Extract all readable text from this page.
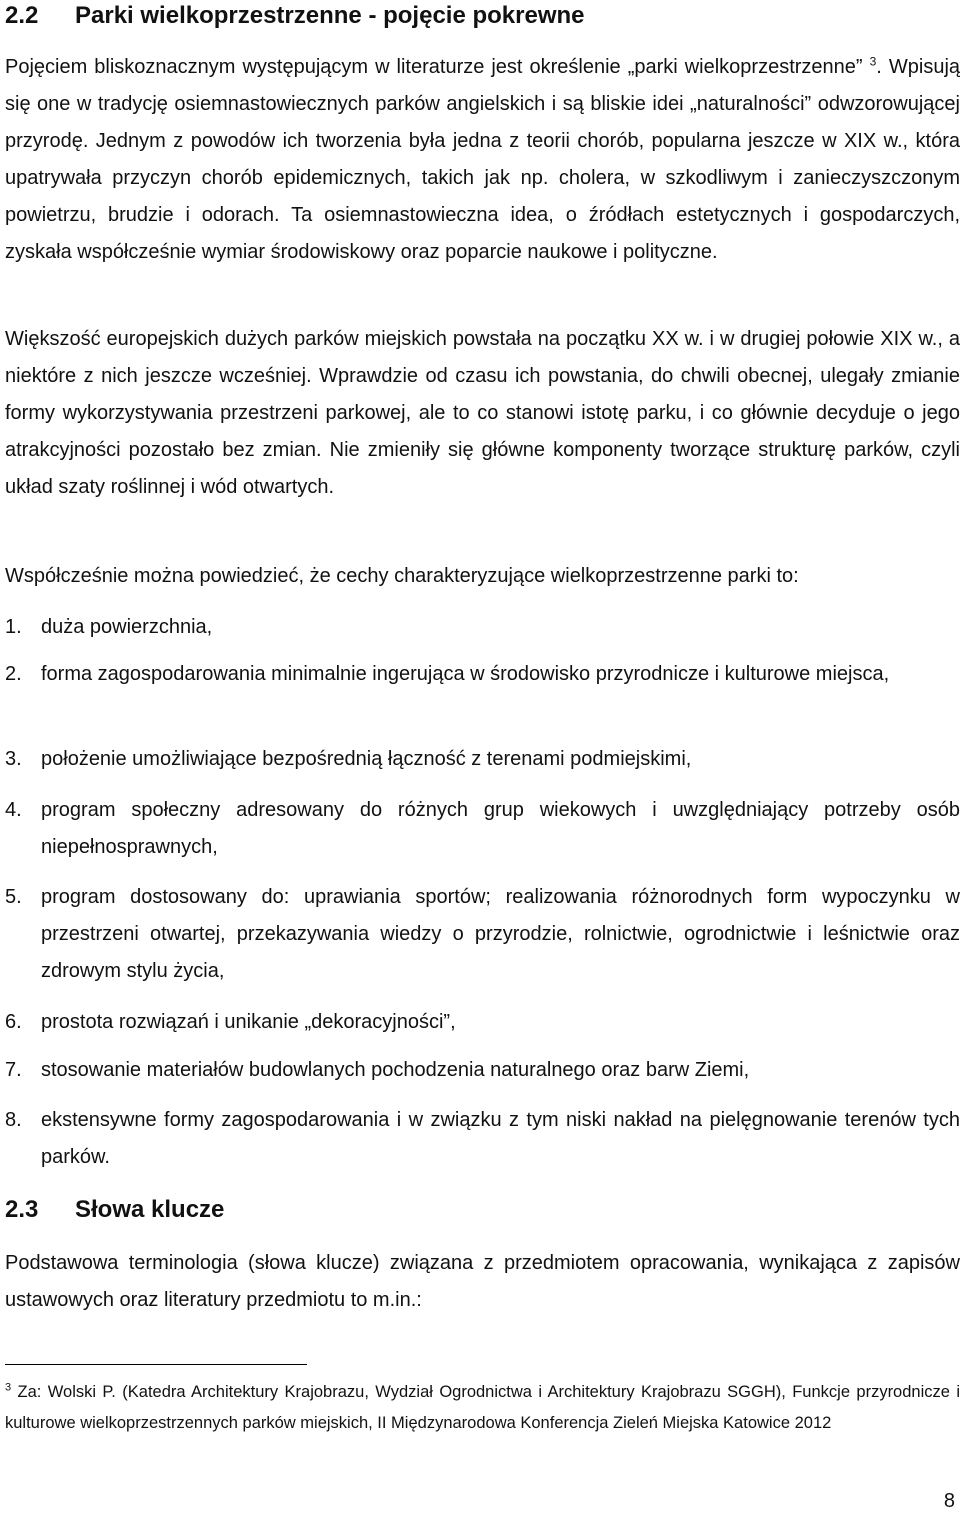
2.2 Parki wielkoprzestrzenne - pojęcie pokrewne

Pojęciem bliskoznacznym występującym w literaturze jest określenie „parki wielkoprzestrzenne” $^3$. Wpisują się one w tradycję osiemnastowiecznych parków angielskich i są bliskie idei „naturalności” odwzorowującej przyrodę. Jednym z powodów ich tworzenia była jedna z teorii chorób, popularna jeszcze w XIX w., która upatrywała przyczyn chorób epidemicznych, takich jak np. cholera, w szkodliwym i zanieczyszczonym powietrzu, brudzie i odorach. Ta osiemnastowieczna idea, o źródłach estetycznych i gospodarczych, zyskała współcześnie wymiar środowiskowy oraz poparcie naukowe i polityczne.

Większość europejskich dużych parków miejskich powstała na początku XX w. i w drugiej połowie XIX w., a niektóre z nich jeszcze wcześniej. Wprawdzie od czasu ich powstania, do chwili obecnej, ulegały zmianie formy wykorzystywania przestrzeni parkowej, ale to co stanowi istotę parku, i co głównie decyduje o jego atrakcyjności pozostało bez zmian. Nie zmieniły się główne komponenty tworzące strukturę parków, czyli układ szaty roślinnej i wód otwartych.

Współcześnie można powiedzieć, że cechy charakteryzujące wielkoprzestrzenne parki to:

1. duża powierzchnia,
2. forma zagospodarowania minimalnie ingerująca w środowisko przyrodnicze i kulturowe miejsca,
3. położenie umożliwiające bezpośrednią łączność z terenami podmiejskimi,
4. program społeczny adresowany do różnych grup wiekowych i uwzględniający potrzeby osób niepełnosprawnych,
5. program dostosowany do: uprawiania sportów; realizowania różnorodnych form wypoczynku w przestrzeni otwartej, przekazywania wiedzy o przyrodzie, rolnictwie, ogrodnictwie i leśnictwie oraz zdrowym stylu życia,
6. prostota rozwiązań i unikanie „dekoracyjności”,
7. stosowanie materiałów budowlanych pochodzenia naturalnego oraz barw Ziemi,
8. ekstensywne formy zagospodarowania i w związku z tym niski nakład na pielęgnowanie terenów tych parków.
2.3 Słowa klucze

Podstawowa terminologia (słowa klucze) związana z przedmiotem opracowania, wynikająca z zapisów ustawowych oraz literatury przedmiotu to m.in.:

$^3$ Za: Wolski P. (Katedra Architektury Krajobrazu, Wydział Ogrodnictwa i Architektury Krajobrazu SGGH), Funkcje przyrodnicze i kulturowe wielkoprzestrzennych parków miejskich, II Międzynarodowa Konferencja Zieleń Miejska Katowice 2012
8
